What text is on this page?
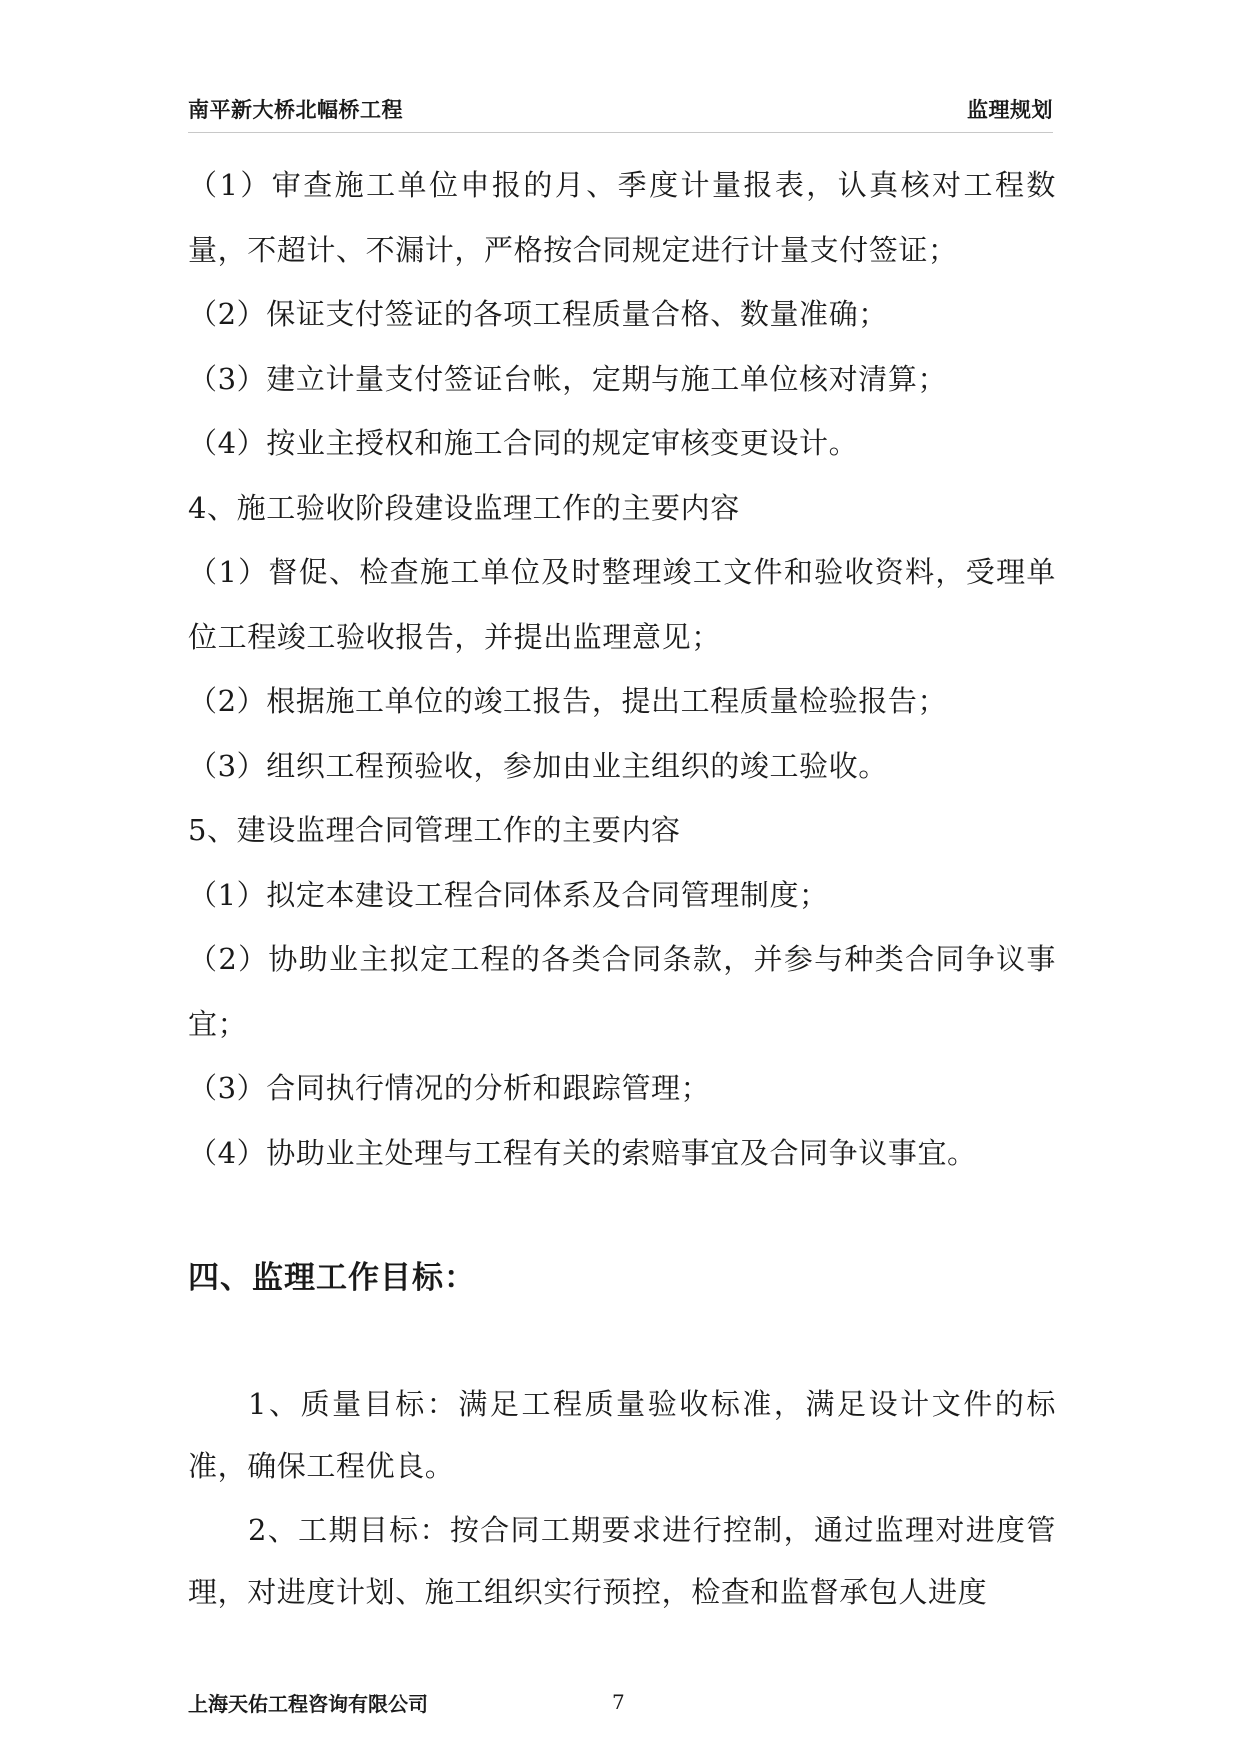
南平新大桥北幅桥工程	监理规划

（1）审查施工单位申报的月、季度计量报表，认真核对工程数量，不超计、不漏计，严格按合同规定进行计量支付签证；

（2）保证支付签证的各项工程质量合格、数量准确；

（3）建立计量支付签证台帐，定期与施工单位核对清算；

（4）按业主授权和施工合同的规定审核变更设计。

4、施工验收阶段建设监理工作的主要内容

（1）督促、检查施工单位及时整理竣工文件和验收资料，受理单位工程竣工验收报告，并提出监理意见；

（2）根据施工单位的竣工报告，提出工程质量检验报告；

（3）组织工程预验收，参加由业主组织的竣工验收。

5、建设监理合同管理工作的主要内容

（1）拟定本建设工程合同体系及合同管理制度；

（2）协助业主拟定工程的各类合同条款，并参与种类合同争议事宜；

（3）合同执行情况的分析和跟踪管理；

（4）协助业主处理与工程有关的索赔事宜及合同争议事宜。

四、监理工作目标：

1、质量目标：满足工程质量验收标准，满足设计文件的标准，确保工程优良。

2、工期目标：按合同工期要求进行控制，通过监理对进度管理，对进度计划、施工组织实行预控，检查和监督承包人进度

上海天佑工程咨询有限公司	7
